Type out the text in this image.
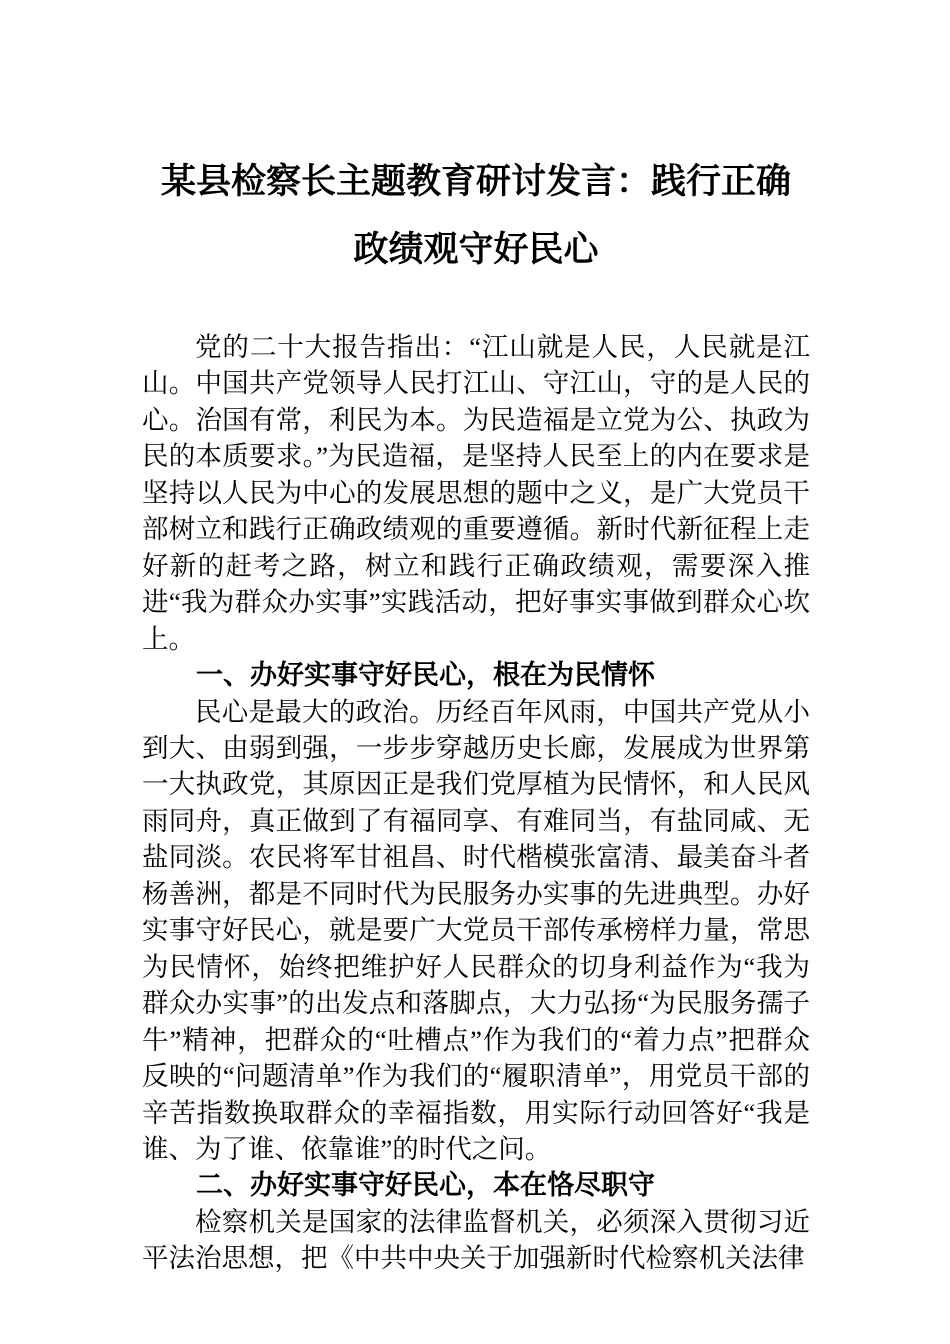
某县检察长主题教育研讨发言：践行正确
政绩观守好民心

党的二十大报告指出：“江山就是人民，人民就是江山。中国共产党领导人民打江山、守江山，守的是人民的心。治国有常，利民为本。为民造福是立党为公、执政为民的本质要求。”为民造福，是坚持人民至上的内在要求是坚持以人民为中心的发展思想的题中之义，是广大党员干部树立和践行正确政绩观的重要遵循。新时代新征程上走好新的赶考之路，树立和践行正确政绩观，需要深入推进“我为群众办实事”实践活动，把好事实事做到群众心坎上。

一、办好实事守好民心，根在为民情怀

民心是最大的政治。历经百年风雨，中国共产党从小到大、由弱到强，一步步穿越历史长廊，发展成为世界第一大执政党，其原因正是我们党厚植为民情怀，和人民风雨同舟，真正做到了有福同享、有难同当，有盐同咸、无盐同淡。农民将军甘祖昌、时代楷模张富清、最美奋斗者杨善洲，都是不同时代为民服务办实事的先进典型。办好实事守好民心，就是要广大党员干部传承榜样力量，常思为民情怀，始终把维护好人民群众的切身利益作为“我为群众办实事”的出发点和落脚点，大力弘扬“为民服务孺子牛”精神，把群众的“吐槽点”作为我们的“着力点”把群众反映的“问题清单”作为我们的“履职清单”，用党员干部的辛苦指数换取群众的幸福指数，用实际行动回答好“我是谁、为了谁、依靠谁”的时代之问。

二、办好实事守好民心，本在恪尽职守

检察机关是国家的法律监督机关，必须深入贯彻习近平法治思想，把《中共中央关于加强新时代检察机关法律
